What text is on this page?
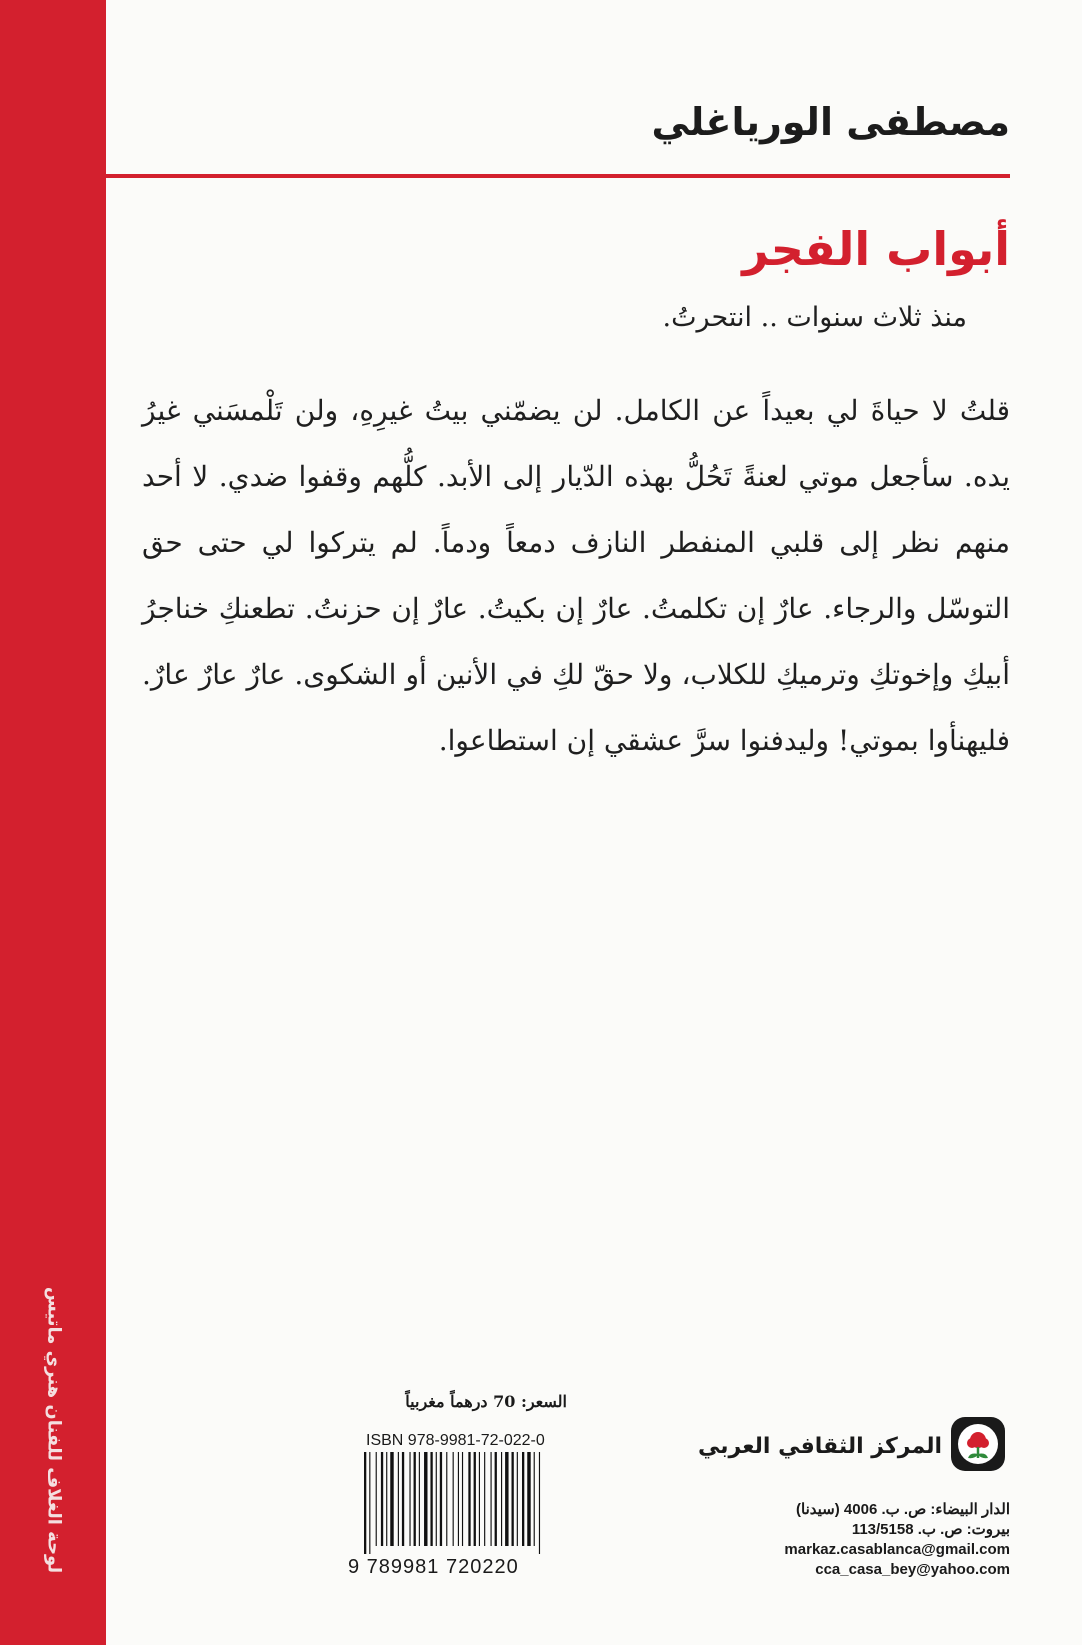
لوحة الغلاف للفنان هنري ماتيس
مصطفى الورياغلي
أبواب الفجر

منذ ثلاث سنوات .. انتحرتُ.

قلتُ لا حياةَ لي بعيداً عن الكامل. لن يضمّني بيتُ غيرِهِ، ولن تَلْمسَني غيرُ يده. سأجعل موتي لعنةً تَحُلُّ بهذه الدّيار إلى الأبد. كلُّهم وقفوا ضدي. لا أحد منهم نظر إلى قلبي المنفطر النازف دمعاً ودماً. لم يتركوا لي حتى حق التوسّل والرجاء. عارٌ إن تكلمتُ. عارٌ إن بكيتُ. عارٌ إن حزنتُ. تطعنكِ خناجرُ أبيكِ وإخوتكِ وترميكِ للكلاب، ولا حقّ لكِ في الأنين أو الشكوى. عارٌ عارٌ عارٌ. فليهنأوا بموتي! وليدفنوا سرَّ عشقي إن استطاعوا.

السعر: 70 درهماً مغربياً

ISBN 978-9981-72-022-0

9 789981 720220

المركز الثقافي العربي

الدار البيضاء: ص. ب. 4006 (سيدنا)

بيروت: ص. ب. 113/5158

markaz.casablanca@gmail.com

cca_casa_bey@yahoo.com
